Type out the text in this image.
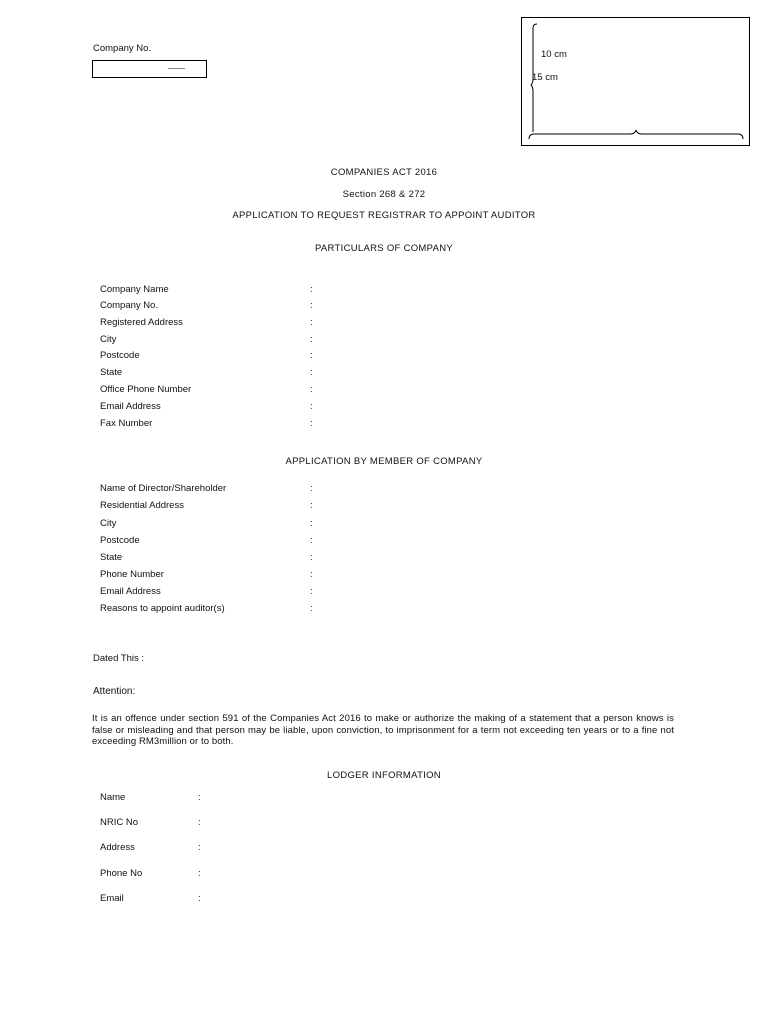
Company No.
10 cm
15 cm
COMPANIES ACT 2016
Section 268 & 272
APPLICATION TO REQUEST REGISTRAR TO APPOINT AUDITOR
PARTICULARS OF COMPANY
Company Name	:
Company No.	:
Registered Address	:
City	:
Postcode	:
State	:
Office Phone Number	:
Email Address	:
Fax Number	:
APPLICATION BY MEMBER OF COMPANY
Name of Director/Shareholder	:
Residential Address	:
City	:
Postcode	:
State	:
Phone Number	:
Email Address	:
Reasons to appoint auditor(s)	:
Dated This :
Attention:
It is an offence under section 591 of the Companies Act 2016 to make or authorize the making of a statement that a person knows is false or misleading and that person may be liable, upon conviction, to imprisonment for a term not exceeding ten years or to a fine not exceeding RM3million or to both.
LODGER INFORMATION
Name	:
NRIC No	:
Address	:
Phone No	:
Email	:
